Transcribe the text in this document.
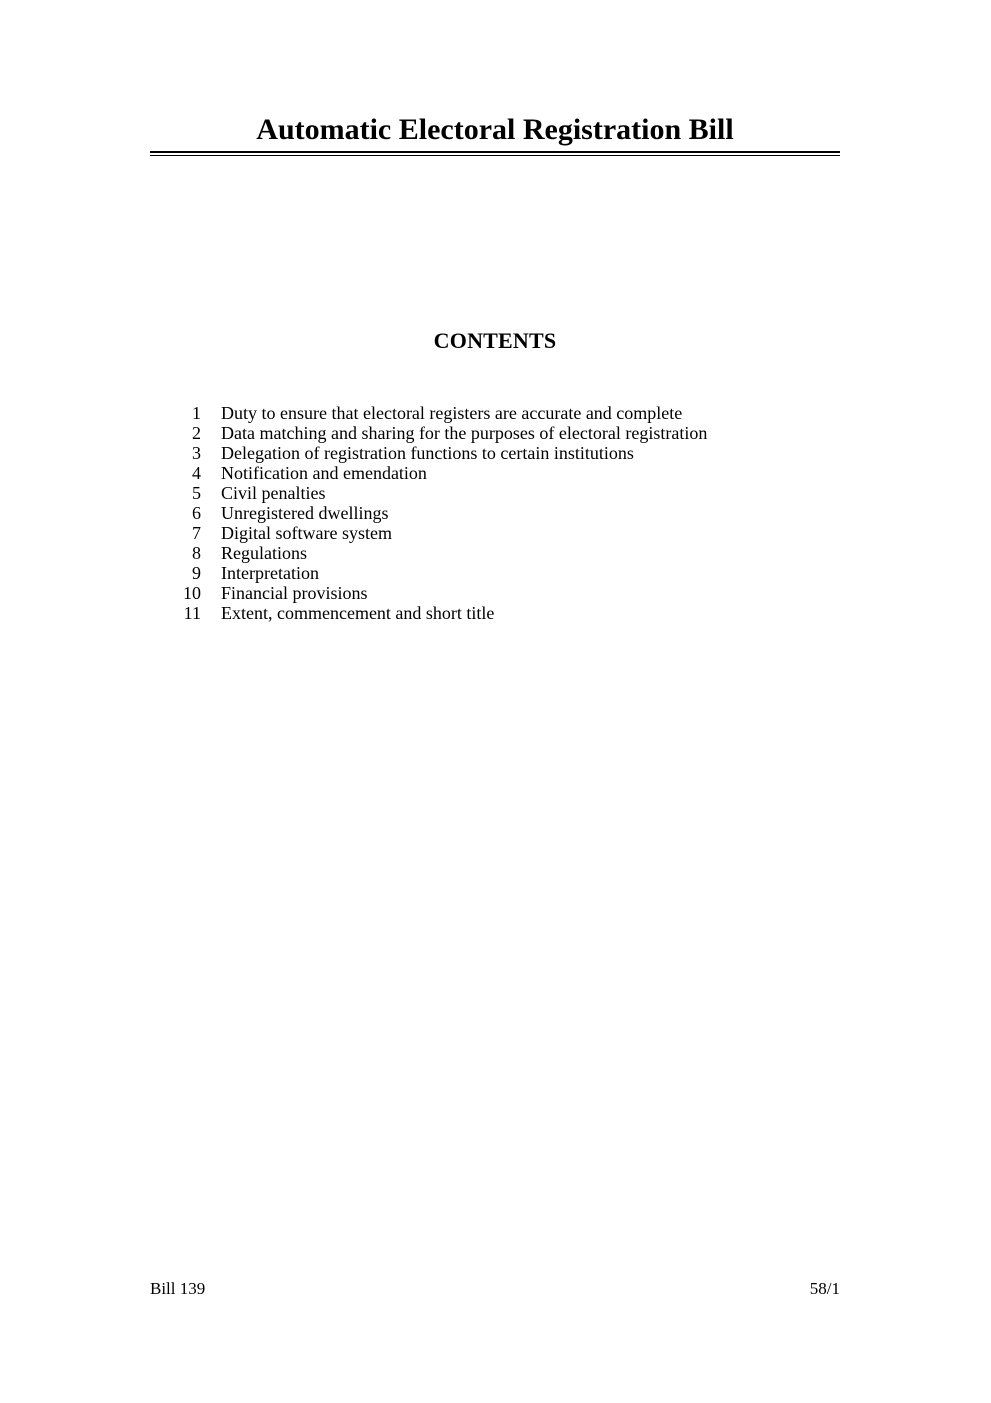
Automatic Electoral Registration Bill
CONTENTS
1 Duty to ensure that electoral registers are accurate and complete
2 Data matching and sharing for the purposes of electoral registration
3 Delegation of registration functions to certain institutions
4 Notification and emendation
5 Civil penalties
6 Unregistered dwellings
7 Digital software system
8 Regulations
9 Interpretation
10 Financial provisions
11 Extent, commencement and short title
Bill 139	58/1
